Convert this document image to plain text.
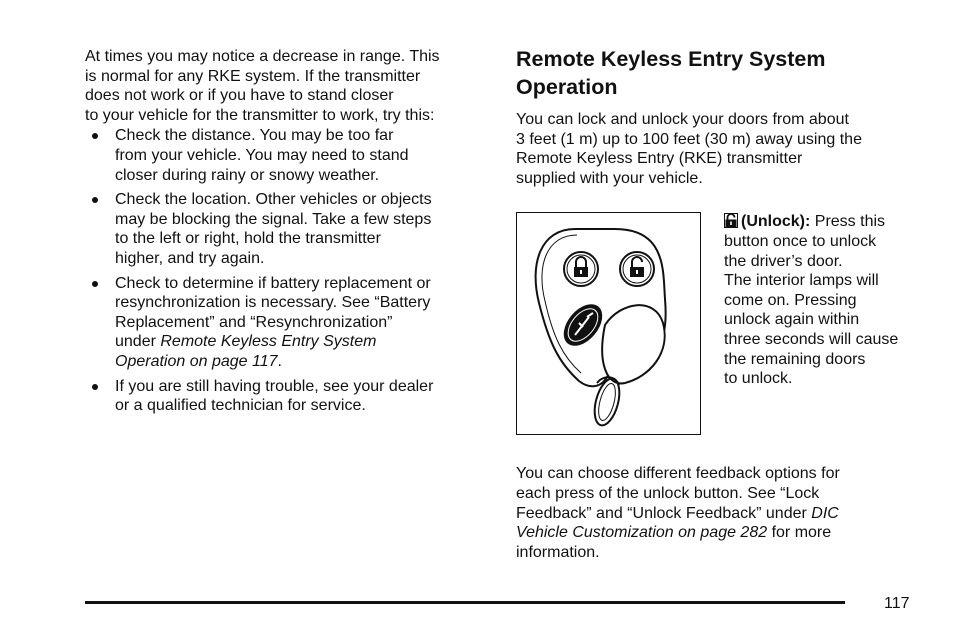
At times you may notice a decrease in range. This
is normal for any RKE system. If the transmitter
does not work or if you have to stand closer
to your vehicle for the transmitter to work, try this:

Check the distance. You may be too far
from your vehicle. You may need to stand
closer during rainy or snowy weather.
Check the location. Other vehicles or objects
may be blocking the signal. Take a few steps
to the left or right, hold the transmitter
higher, and try again.
Check to determine if battery replacement or
resynchronization is necessary. See “Battery
Replacement” and “Resynchronization”
under Remote Keyless Entry System
Operation on page 117.
If you are still having trouble, see your dealer
or a qualified technician for service.
Remote Keyless Entry System
Operation

You can lock and unlock your doors from about
3 feet (1 m) up to 100 feet (30 m) away using the
Remote Keyless Entry (RKE) transmitter
supplied with your vehicle.

(Unlock): Press this
button once to unlock
the driver’s door.
The interior lamps will
come on. Pressing
unlock again within
three seconds will cause
the remaining doors
to unlock.

You can choose different feedback options for
each press of the unlock button. See “Lock
Feedback” and “Unlock Feedback” under DIC
Vehicle Customization on page 282 for more
information.

117
